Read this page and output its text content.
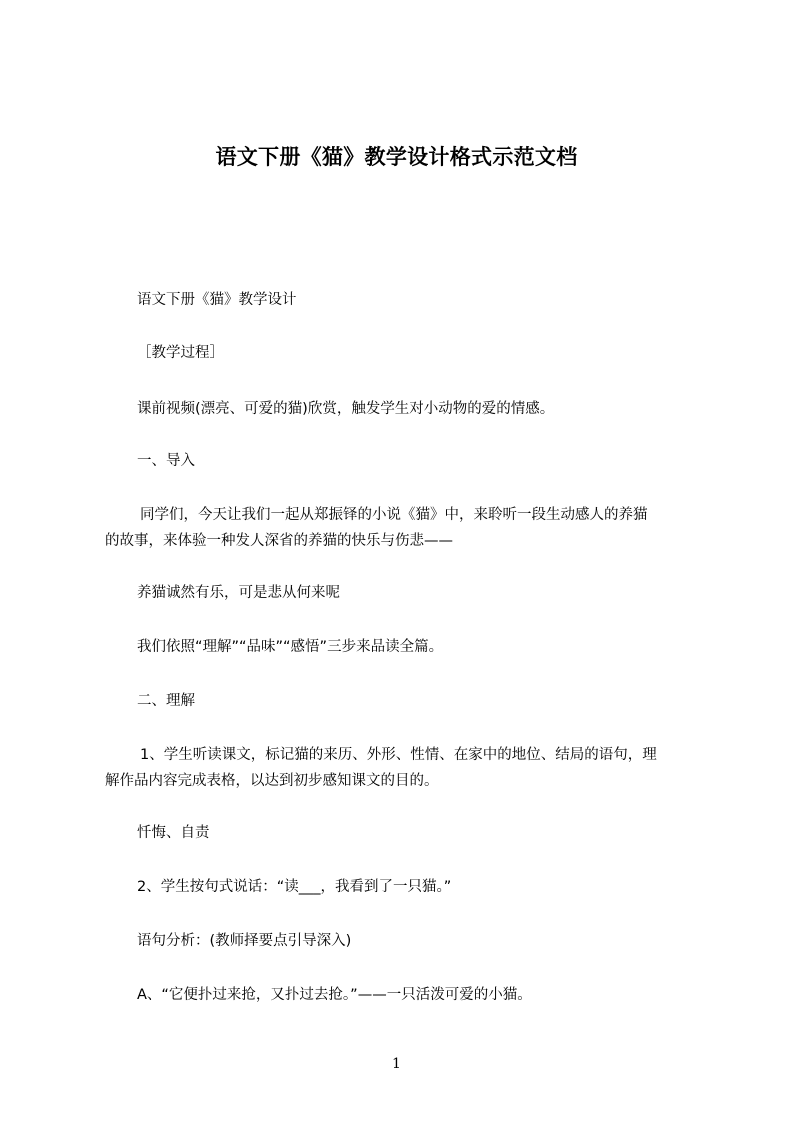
语文下册《猫》教学设计格式示范文档
语文下册《猫》教学设计
［教学过程］
课前视频(漂亮、可爱的猫)欣赏，触发学生对小动物的爱的情感。
一、导入
同学们，今天让我们一起从郑振铎的小说《猫》中，来聆听一段生动感人的养猫
的故事，来体验一种发人深省的养猫的快乐与伤悲——
养猫诚然有乐，可是悲从何来呢
我们依照“理解”“品味”“感悟”三步来品读全篇。
二、理解
1、学生听读课文，标记猫的来历、外形、性情、在家中的地位、结局的语句，理
解作品内容完成表格，以达到初步感知课文的目的。
忏悔、自责
2、学生按句式说话：“读___，我看到了一只猫。”
语句分析：(教师择要点引导深入)
A、“它便扑过来抢，又扑过去抢。”——一只活泼可爱的小猫。
1
